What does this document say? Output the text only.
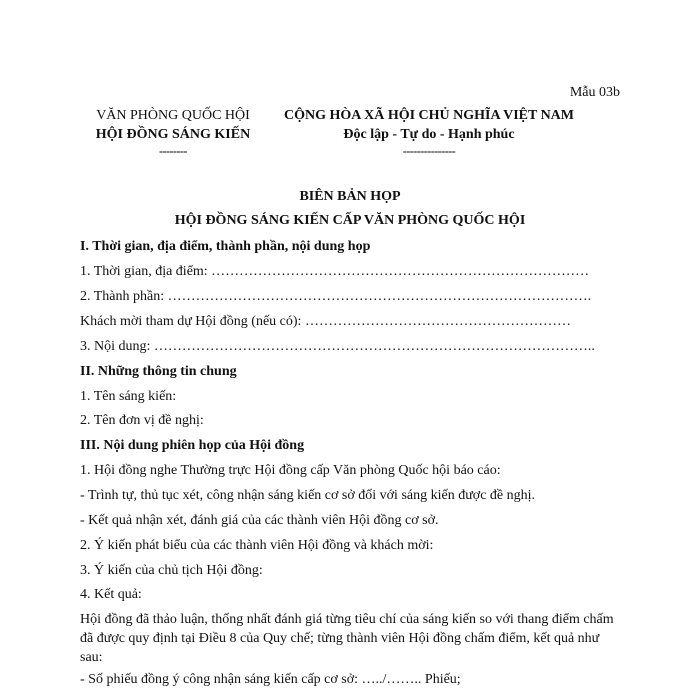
Mẫu 03b
VĂN PHÒNG QUỐC HỘI
HỘI ĐỒNG SÁNG KIẾN
--------
CỘNG HÒA XÃ HỘI CHỦ NGHĨA VIỆT NAM
Độc lập - Tự do - Hạnh phúc
---------------
BIÊN BẢN HỌP
HỘI ĐỒNG SÁNG KIẾN CẤP VĂN PHÒNG QUỐC HỘI
I. Thời gian, địa điểm, thành phần, nội dung họp
1. Thời gian, địa điểm: ………………………………………………………………………
2. Thành phần: ……………………………………………………………………………….
Khách mời tham dự Hội đồng (nếu có): …………………………………………………
3. Nội dung: …………………………………………………………………………………..
II. Những thông tin chung
1. Tên sáng kiến:
2. Tên đơn vị đề nghị:
III. Nội dung phiên họp của Hội đồng
1. Hội đồng nghe Thường trực Hội đồng cấp Văn phòng Quốc hội báo cáo:
- Trình tự, thủ tục xét, công nhận sáng kiến cơ sở đối với sáng kiến được đề nghị.
- Kết quả nhận xét, đánh giá của các thành viên Hội đồng cơ sở.
2. Ý kiến phát biểu của các thành viên Hội đồng và khách mời:
3. Ý kiến của chủ tịch Hội đồng:
4. Kết quả:
Hội đồng đã thảo luận, thống nhất đánh giá từng tiêu chí của sáng kiến so với thang điểm chấm đã được quy định tại Điều 8 của Quy chế; từng thành viên Hội đồng chấm điểm, kết quả như sau:
- Số phiếu đồng ý công nhận sáng kiến cấp cơ sở: …../…….. Phiếu;
